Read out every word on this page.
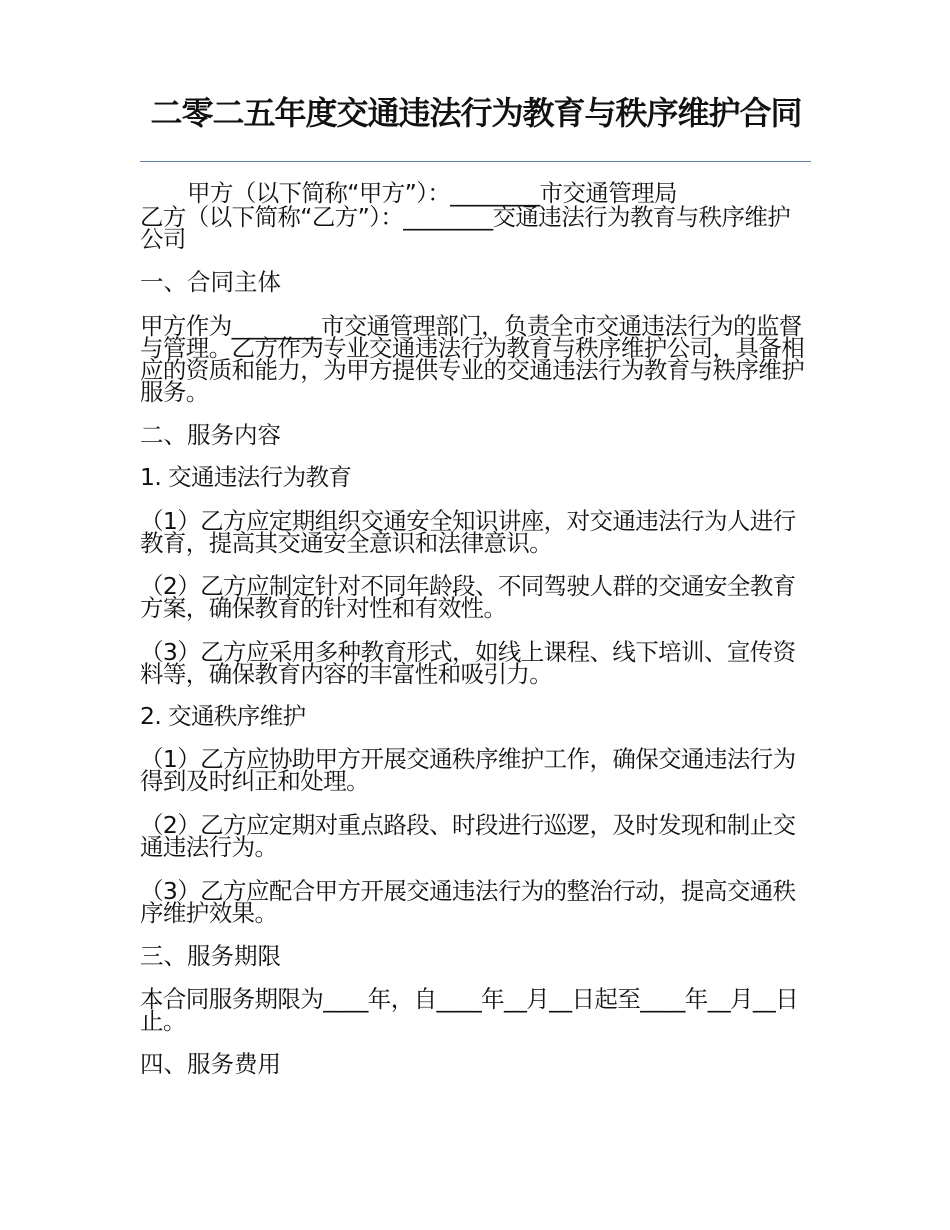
二零二五年度交通违法行为教育与秩序维护合同

甲方（以下简称“甲方”）：________市交通管理局

乙方（以下简称“乙方”）：________交通违法行为教育与秩序维护公司

一、合同主体

甲方作为________市交通管理部门，负责全市交通违法行为的监督与管理。乙方作为专业交通违法行为教育与秩序维护公司，具备相应的资质和能力，为甲方提供专业的交通违法行为教育与秩序维护服务。

二、服务内容

1. 交通违法行为教育

（1）乙方应定期组织交通安全知识讲座，对交通违法行为人进行教育，提高其交通安全意识和法律意识。

（2）乙方应制定针对不同年龄段、不同驾驶人群的交通安全教育方案，确保教育的针对性和有效性。

（3）乙方应采用多种教育形式，如线上课程、线下培训、宣传资料等，确保教育内容的丰富性和吸引力。

2. 交通秩序维护

（1）乙方应协助甲方开展交通秩序维护工作，确保交通违法行为得到及时纠正和处理。

（2）乙方应定期对重点路段、时段进行巡逻，及时发现和制止交通违法行为。

（3）乙方应配合甲方开展交通违法行为的整治行动，提高交通秩序维护效果。

三、服务期限

本合同服务期限为____年，自____年__月__日起至____年__月__日止。

四、服务费用
